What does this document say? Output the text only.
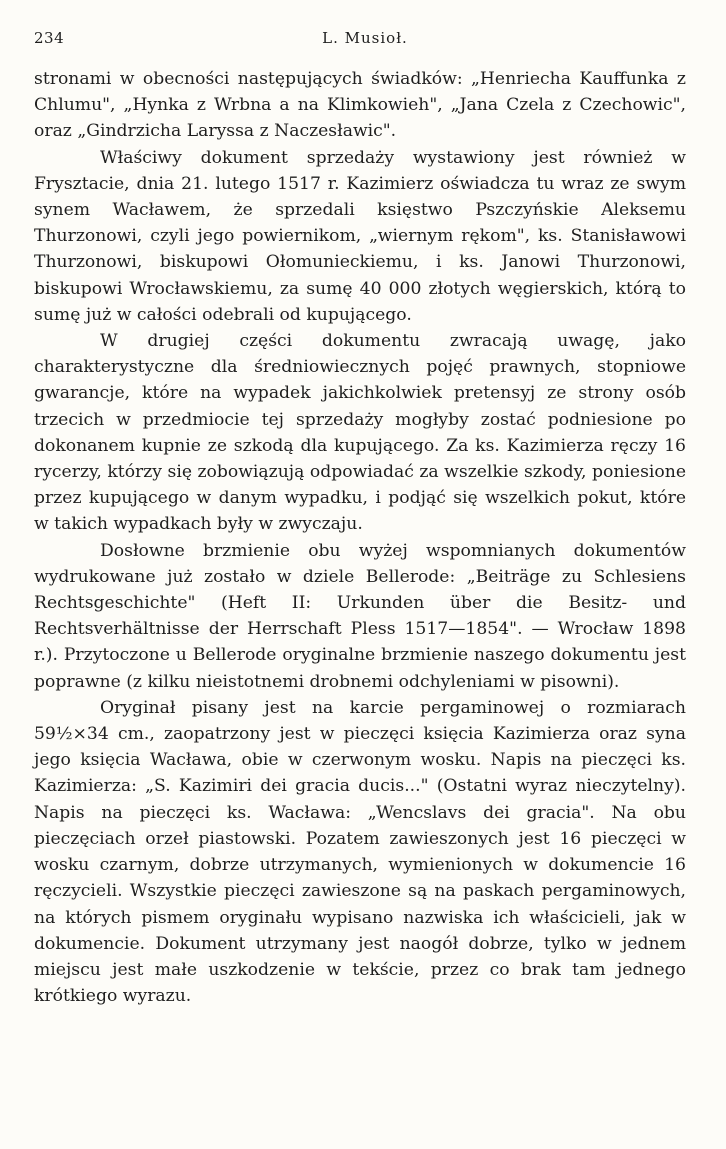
234	L. Musioł.

stronami w obecności następujących świadków: „Henriecha Kauffunka z Chlumu", „Hynka z Wrbna a na Klimkowieh", „Jana Czela z Czechowic", oraz „Gindrzicha Laryssa z Naczesławic".

Właściwy dokument sprzedaży wystawiony jest również w Frysztacie, dnia 21. lutego 1517 r. Kazimierz oświadcza tu wraz ze swym synem Wacławem, że sprzedali księstwo Pszczyńskie Aleksemu Thurzonowi, czyli jego powiernikom, „wiernym rękom", ks. Stanisławowi Thurzonowi, biskupowi Ołomunieckiemu, i ks. Janowi Thurzonowi, biskupowi Wrocławskiemu, za sumę 40 000 złotych węgierskich, którą to sumę już w całości odebrali od kupującego.

W drugiej części dokumentu zwracają uwagę, jako charakterystyczne dla średniowiecznych pojęć prawnych, stopniowe gwarancje, które na wypadek jakichkolwiek pretensyj ze strony osób trzecich w przedmiocie tej sprzedaży mogłyby zostać podniesione po dokonanem kupnie ze szkodą dla kupującego. Za ks. Kazimierza ręczy 16 rycerzy, którzy się zobowiązują odpowiadać za wszelkie szkody, poniesione przez kupującego w danym wypadku, i podjąć się wszelkich pokut, które w takich wypadkach były w zwyczaju.

Dosłowne brzmienie obu wyżej wspomnianych dokumentów wydrukowane już zostało w dziele Bellerode: „Beiträge zu Schlesiens Rechtsgeschichte" (Heft II: Urkunden über die Besitz- und Rechtsverhältnisse der Herrschaft Pless 1517—1854". — Wrocław 1898 r.). Przytoczone u Bellerode oryginalne brzmienie naszego dokumentu jest poprawne (z kilku nieistotnemi drobnemi odchyleniami w pisowni).

Oryginał pisany jest na karcie pergaminowej o rozmiarach 59½×34 cm., zaopatrzony jest w pieczęci księcia Kazimierza oraz syna jego księcia Wacława, obie w czerwonym wosku. Napis na pieczęci ks. Kazimierza: „S. Kazimiri dei gracia ducis..." (Ostatni wyraz nieczytelny). Napis na pieczęci ks. Wacława: „Wencslavs dei gracia". Na obu pieczęciach orzeł piastowski. Pozatem zawieszonych jest 16 pieczęci w wosku czarnym, dobrze utrzymanych, wymienionych w dokumencie 16 ręczycieli. Wszystkie pieczęci zawieszone są na paskach pergaminowych, na których pismem oryginału wypisano nazwiska ich właścicieli, jak w dokumencie. Dokument utrzymany jest naogół dobrze, tylko w jednem miejscu jest małe uszkodzenie w tekście, przez co brak tam jednego krótkiego wyrazu.
